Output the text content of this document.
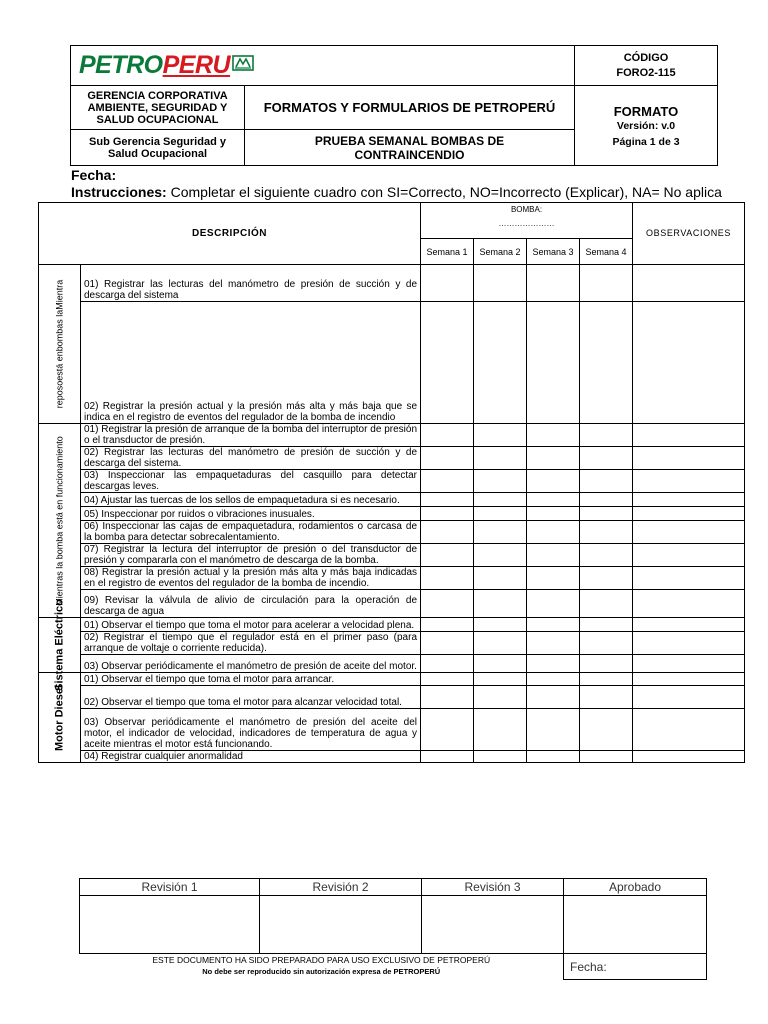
PETROPERU		CÓDIGO
FORO2-115

GERENCIA CORPORATIVA AMBIENTE, SEGURIDAD Y SALUD OCUPACIONAL	FORMATOS Y FORMULARIOS DE PETROPERÚ	FORMATO
Versión: v.0
Página 1 de 3

Sub Gerencia Seguridad y Salud Ocupacional	PRUEBA SEMANAL BOMBAS DE CONTRAINCENDIO	
Fecha:
Instrucciones: Completar el siguiente cuadro con SI=Correcto, NO=Incorrecto (Explicar), NA= No aplica
DESCRIPCIÓN		BOMBA:
…………………				OBSERVACIONES
		Semana 1	Semana 2	Semana 3	Semana 4	

reposoestá enbombas laMientra	01) Registrar las lecturas del manómetro de presión de succión y de descarga del sistema					
	02) Registrar la presión actual y la presión más alta y más baja que se indica en el registro de eventos del regulador de la bomba de incendio					

Mientras la bomba está en funcionamiento	01) Registrar la presión de arranque de la bomba del interruptor de presión o el transductor de presión.					
	02) Registrar las lecturas del manómetro de presión de succión y de descarga del sistema.					
	03) Inspeccionar las empaquetaduras del casquillo para detectar descargas leves.					
	04) Ajustar las tuercas de los sellos de empaquetadura si es necesario.					
	05) Inspeccionar por ruidos o vibraciones inusuales.					
	06) Inspeccionar las cajas de empaquetadura, rodamientos o carcasa de la bomba para detectar sobrecalentamiento.					
	07) Registrar la lectura del interruptor de presión o del transductor de presión y compararla con el manómetro de descarga de la bomba.					
	08) Registrar la presión actual y la presión más alta y más baja indicadas en el registro de eventos del regulador de la bomba de incendio.					
	09) Revisar la válvula de alivio de circulación para la operación de descarga de agua					

Sistema Eléctrico	01) Observar el tiempo que toma el motor para acelerar a velocidad plena.					
	02) Registrar el tiempo que el regulador está en el primer paso (para arranque de voltaje o corriente reducida).					
	03) Observar periódicamente el manómetro de presión de aceite del motor.					

Motor Diesel	01) Observar el tiempo que toma el motor para arrancar.					
	02) Observar el tiempo que toma el motor para alcanzar velocidad total.					
	03) Observar periódicamente el manómetro de presión del aceite del motor, el indicador de velocidad, indicadores de temperatura de agua y aceite mientras el motor está funcionando.					
	04) Registrar cualquier anormalidad					
Revisión 1	Revisión 2	Revisión 3	Aprobado

ESTE DOCUMENTO HA SIDO PREPARADO PARA USO EXCLUSIVO DE PETROPERÚ
No debe ser reproducido sin autorización expresa de PETROPERÚ			Fecha:
